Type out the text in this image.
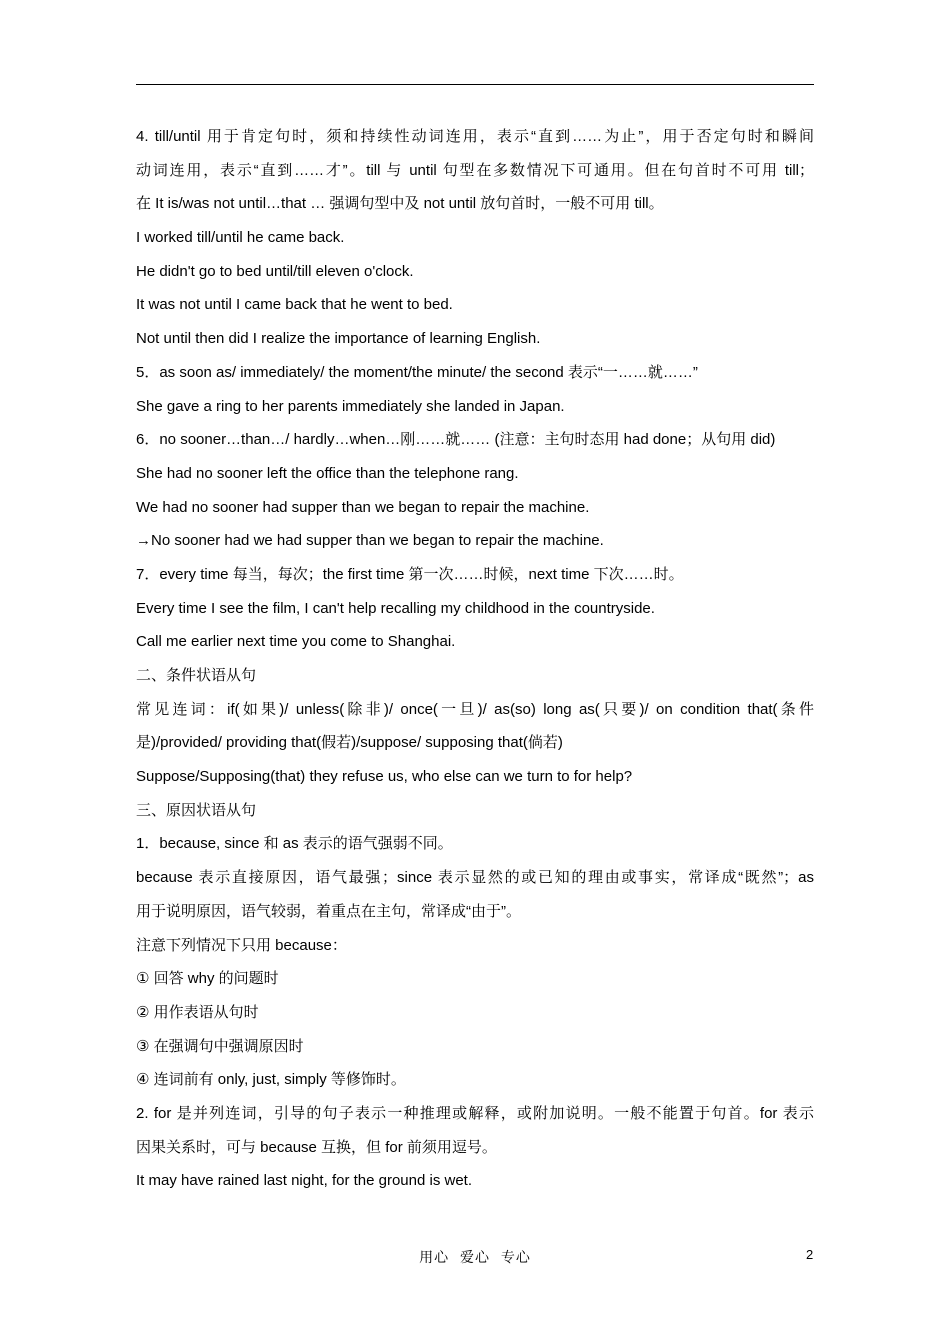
4. till/until 用于肯定句时，须和持续性动词连用，表示“直到……为止”，用于否定句时和瞬间
动词连用，表示“直到……才”。till 与 until 句型在多数情况下可通用。但在句首时不可用 till；
在 It is/was not until…that … 强调句型中及 not until 放句首时，一般不可用 till。
I worked till/until he came back.
He didn't go to bed until/till eleven o'clock.
It was not until I came back that he went to bed.
Not until then did I realize the importance of learning English.
5．as soon as/ immediately/ the moment/the minute/ the second 表示“一……就……”
She gave a ring to her parents immediately she landed in Japan.
6．no sooner…than…/ hardly…when…刚……就…… (注意：主句时态用 had done；从句用 did)
She had no sooner left the office than the telephone rang.
We had no sooner had supper than we began to repair the machine.
→No sooner had we had supper than we began to repair the machine.
7．every time 每当，每次；the first time 第一次……时候，next time 下次……时。
Every time I see the film, I can't help recalling my childhood in the countryside.
Call me earlier next time you come to Shanghai.
二、条件状语从句
常见连词：if(如果)/ unless(除非)/ once(一旦)/ as(so) long as(只要)/ on condition that(条件
是)/provided/ providing that(假若)/suppose/ supposing that(倘若)
Suppose/Supposing(that) they refuse us, who else can we turn to for help?
三、原因状语从句
1．because, since 和 as 表示的语气强弱不同。
because 表示直接原因，语气最强；since 表示显然的或已知的理由或事实，常译成“既然”；as
用于说明原因，语气较弱，着重点在主句，常译成“由于”。
注意下列情况下只用 because：
① 回答 why 的问题时
② 用作表语从句时
③ 在强调句中强调原因时
④ 连词前有 only, just, simply 等修饰时。
2. for 是并列连词，引导的句子表示一种推理或解释，或附加说明。一般不能置于句首。for 表示
因果关系时，可与 because 互换，但 for 前须用逗号。
It may have rained last night, for the ground is wet.
用心 爱心 专心	2
